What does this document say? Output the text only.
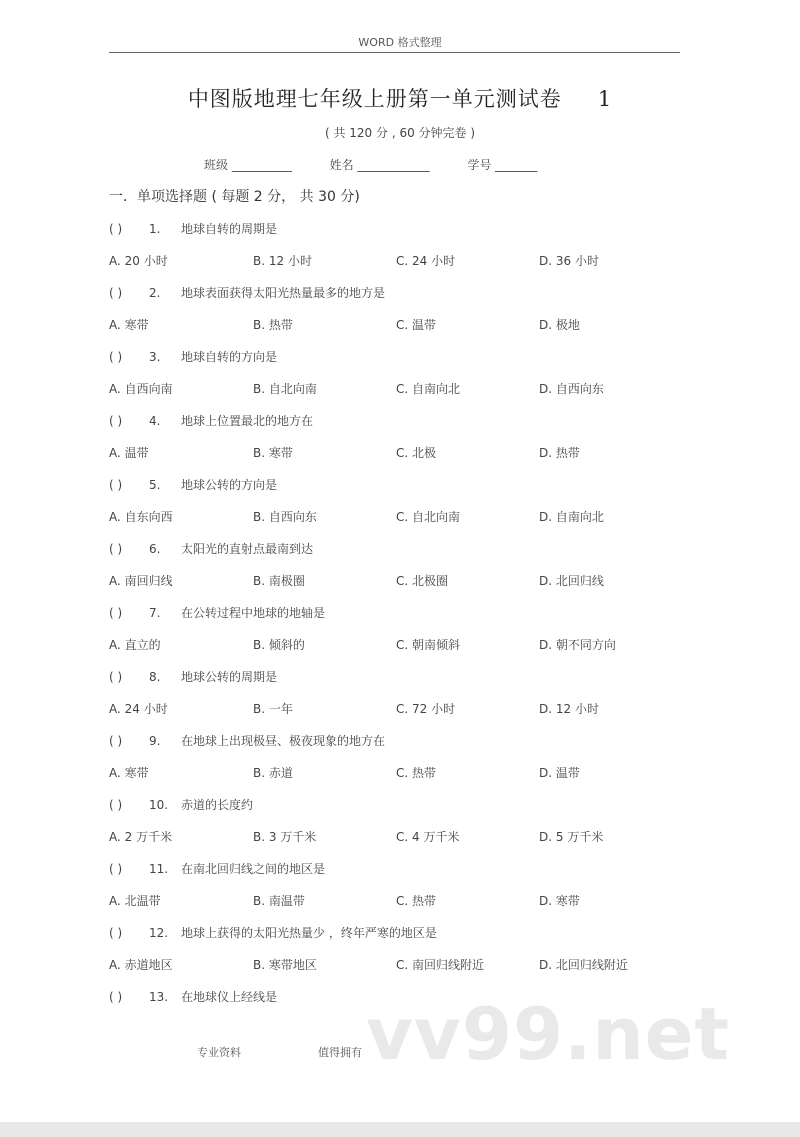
WORD 格式整理
中图版地理七年级上册第一单元测试卷 1
( 共 120 分 , 60 分钟完卷 )
班级 __________	姓名 ____________	学号 _______
一．单项选择题 ( 每题 2 分， 共 30 分)
( ) 1. 地球自转的周期是
A. 20 小时	B. 12 小时	C. 24 小时	D. 36 小时
( ) 2. 地球表面获得太阳光热量最多的地方是
A. 寒带	B. 热带	C. 温带	D. 极地
( ) 3. 地球自转的方向是
A. 自西向南	B. 自北向南	C. 自南向北	D. 自西向东
( ) 4. 地球上位置最北的地方在
A. 温带	B. 寒带	C. 北极	D. 热带
( ) 5. 地球公转的方向是
A. 自东向西	B. 自西向东	C. 自北向南	D. 自南向北
( ) 6. 太阳光的直射点最南到达
A. 南回归线	B. 南极圈	C. 北极圈	D. 北回归线
( ) 7. 在公转过程中地球的地轴是
A. 直立的	B. 倾斜的	C. 朝南倾斜	D. 朝不同方向
( ) 8. 地球公转的周期是
A. 24 小时	B. 一年	C. 72 小时	D. 12 小时
( ) 9. 在地球上出现极昼、极夜现象的地方在
A. 寒带	B. 赤道	C. 热带	D. 温带
( ) 10. 赤道的长度约
A. 2 万千米	B. 3 万千米	C. 4 万千米	D. 5 万千米
( ) 11. 在南北回归线之间的地区是
A. 北温带	B. 南温带	C. 热带	D. 寒带
( ) 12. 地球上获得的太阳光热量少 ，终年严寒的地区是
A. 赤道地区	B. 寒带地区	C. 南回归线附近	D. 北回归线附近
( ) 13. 在地球仪上经线是
专业资料	值得拥有 vv99.net
